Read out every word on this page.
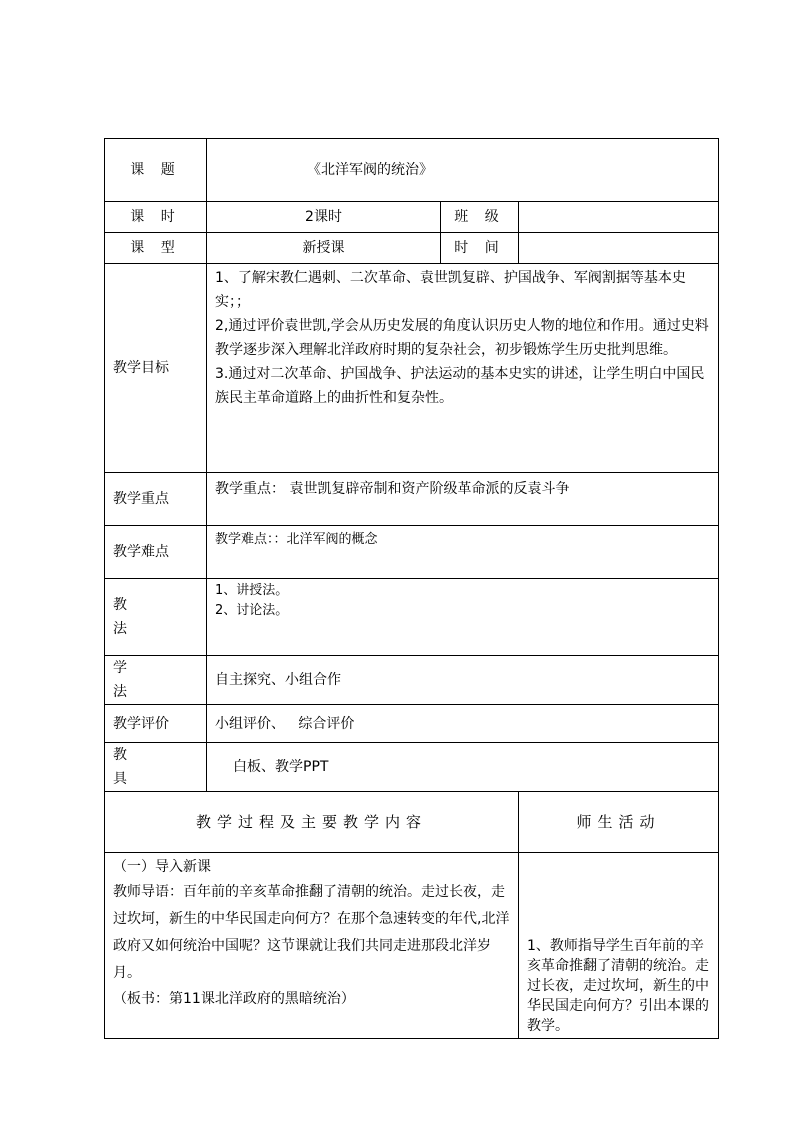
课 题	《北洋军阀的统治》		
课 时	2课时	班 级	
课 型	新授课	时 间	
教学目标	1、了解宋教仁遇刺、二次革命、袁世凯复辟、护国战争、军阀割据等基本史实；；

2,通过评价袁世凯,学会从历史发展的角度认识历史人物的地位和作用。通过史料教学逐步深入理解北洋政府时期的复杂社会，初步锻炼学生历史批判思维。

3.通过对二次革命、护国战争、护法运动的基本史实的讲述，让学生明白中国民族民主革命道路上的曲折性和复杂性。		

教学重点	教学重点： 袁世凯复辟帝制和资产阶级革命派的反袁斗争		
教学难点	教学难点：：北洋军阀的概念		
教 法	1、讲授法。

2、讨论法。		

学 法	自主探究、小组合作		
教学评价	小组评价、   综合评价		
教 具	白板、教学PPT		
教学过程及主要教学内容			师生活动

（一）导入新课

教师导语：百年前的辛亥革命推翻了清朝的统治。走过长夜，走过坎坷，新生的中华民国走向何方？在那个急速转变的年代,北洋政府又如何统治中国呢？这节课就让我们共同走进那段北洋岁月。

（板书：第11课北洋政府的黑暗统治）			1、教师指导学生百年前的辛亥革命推翻了清朝的统治。走过长夜，走过坎坷，新生的中华民国走向何方？引出本课的教学。
